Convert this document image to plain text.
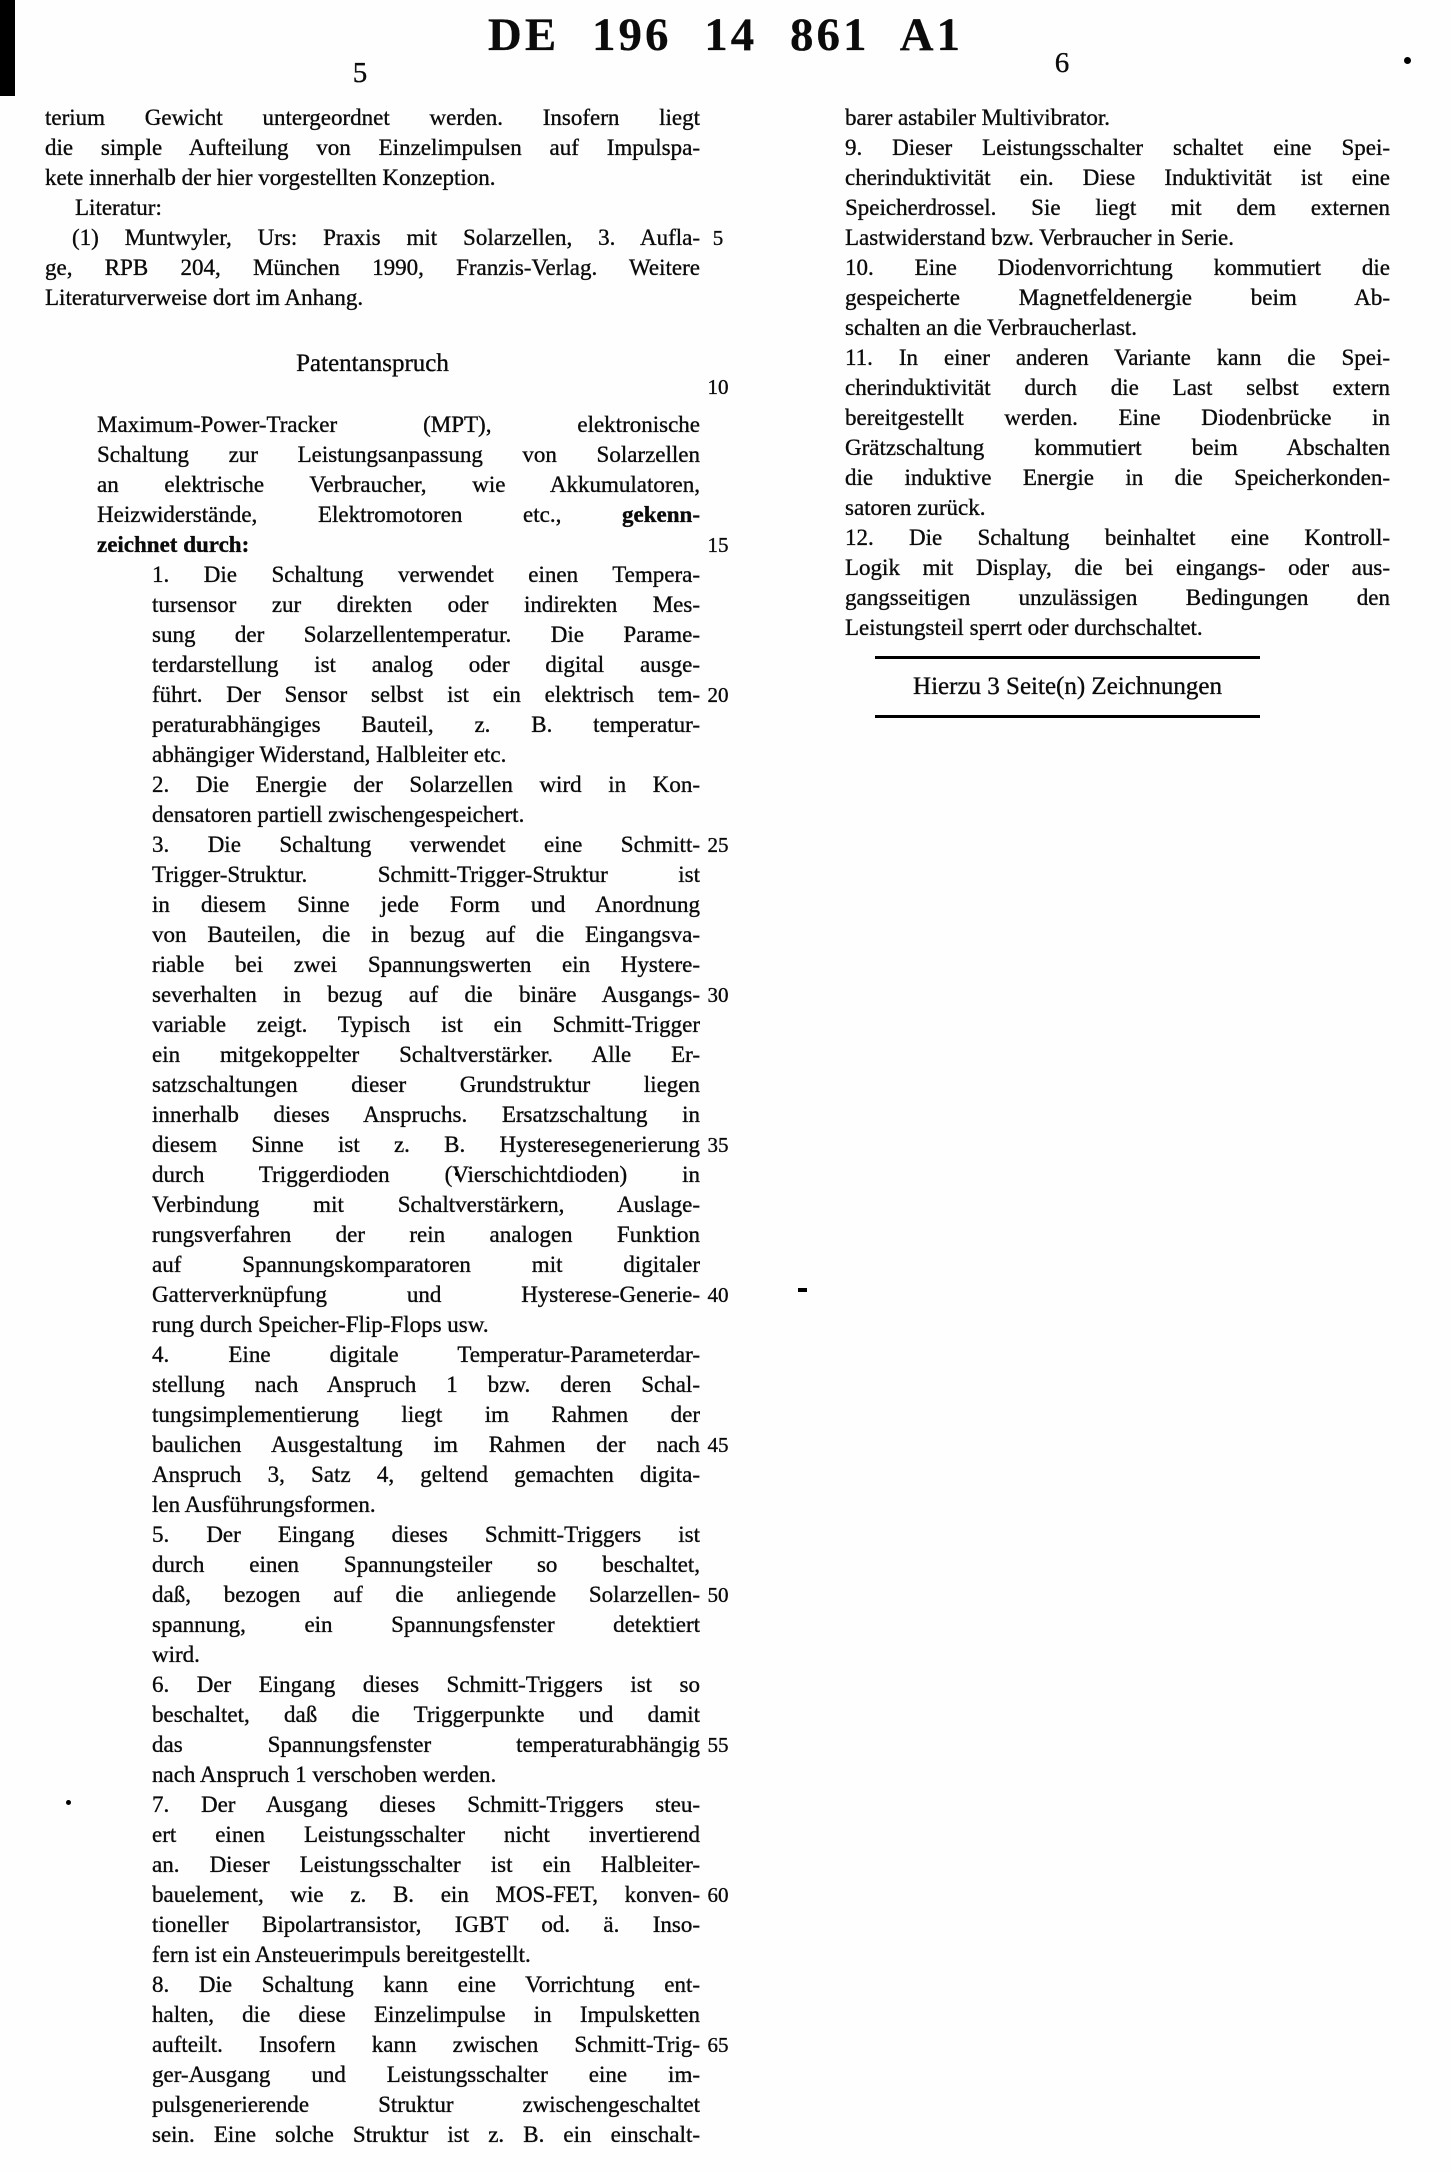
DE 196 14 861 A1
5	6
5
10
15
20
25
30
35
40
45
50
55
60
65
terium Gewicht untergeordnet werden. Insofern liegt
die simple Aufteilung von Einzelimpulsen auf Impulspa-
kete innerhalb der hier vorgestellten Konzeption.
Literatur:
(1) Muntwyler, Urs: Praxis mit Solarzellen, 3. Aufla-
ge, RPB 204, München 1990, Franzis-Verlag. Weitere
Literaturverweise dort im Anhang.
Patentanspruch
Maximum-Power-Tracker (MPT), elektronische
Schaltung zur Leistungsanpassung von Solarzellen
an elektrische Verbraucher, wie Akkumulatoren,
Heizwiderstände, Elektromotoren etc., gekenn-
zeichnet durch:
1. Die Schaltung verwendet einen Tempera-
tursensor zur direkten oder indirekten Mes-
sung der Solarzellentemperatur. Die Parame-
terdarstellung ist analog oder digital ausge-
führt. Der Sensor selbst ist ein elektrisch tem-
peraturabhängiges Bauteil, z. B. temperatur-
abhängiger Widerstand, Halbleiter etc.
2. Die Energie der Solarzellen wird in Kon-
densatoren partiell zwischengespeichert.
3. Die Schaltung verwendet eine Schmitt-
Trigger-Struktur. Schmitt-Trigger-Struktur ist
in diesem Sinne jede Form und Anordnung
von Bauteilen, die in bezug auf die Eingangsva-
riable bei zwei Spannungswerten ein Hystere-
severhalten in bezug auf die binäre Ausgangs-
variable zeigt. Typisch ist ein Schmitt-Trigger
ein mitgekoppelter Schaltverstärker. Alle Er-
satzschaltungen dieser Grundstruktur liegen
innerhalb dieses Anspruchs. Ersatzschaltung in
diesem Sinne ist z. B. Hysteresegenerierung
durch Triggerdioden (Vierschichtdioden) in
Verbindung mit Schaltverstärkern, Auslage-
rungsverfahren der rein analogen Funktion
auf Spannungskomparatoren mit digitaler
Gatterverknüpfung und Hysterese-Generie-
rung durch Speicher-Flip-Flops usw.
4. Eine digitale Temperatur-Parameterdar-
stellung nach Anspruch 1 bzw. deren Schal-
tungsimplementierung liegt im Rahmen der
baulichen Ausgestaltung im Rahmen der nach
Anspruch 3, Satz 4, geltend gemachten digita-
len Ausführungsformen.
5. Der Eingang dieses Schmitt-Triggers ist
durch einen Spannungsteiler so beschaltet,
daß, bezogen auf die anliegende Solarzellen-
spannung, ein Spannungsfenster detektiert
wird.
6. Der Eingang dieses Schmitt-Triggers ist so
beschaltet, daß die Triggerpunkte und damit
das Spannungsfenster temperaturabhängig
nach Anspruch 1 verschoben werden.
7. Der Ausgang dieses Schmitt-Triggers steu-
ert einen Leistungsschalter nicht invertierend
an. Dieser Leistungsschalter ist ein Halbleiter-
bauelement, wie z. B. ein MOS-FET, konven-
tioneller Bipolartransistor, IGBT od. ä. Inso-
fern ist ein Ansteuerimpuls bereitgestellt.
8. Die Schaltung kann eine Vorrichtung ent-
halten, die diese Einzelimpulse in Impulsketten
aufteilt. Insofern kann zwischen Schmitt-Trig-
ger-Ausgang und Leistungsschalter eine im-
pulsgenerierende Struktur zwischengeschaltet
sein. Eine solche Struktur ist z. B. ein einschalt-
barer astabiler Multivibrator.
9. Dieser Leistungsschalter schaltet eine Spei-
cherinduktivität ein. Diese Induktivität ist eine
Speicherdrossel. Sie liegt mit dem externen
Lastwiderstand bzw. Verbraucher in Serie.
10. Eine Diodenvorrichtung kommutiert die
gespeicherte Magnetfeldenergie beim Ab-
schalten an die Verbraucherlast.
11. In einer anderen Variante kann die Spei-
cherinduktivität durch die Last selbst extern
bereitgestellt werden. Eine Diodenbrücke in
Grätzschaltung kommutiert beim Abschalten
die induktive Energie in die Speicherkonden-
satoren zurück.
12. Die Schaltung beinhaltet eine Kontroll-
Logik mit Display, die bei eingangs- oder aus-
gangsseitigen unzulässigen Bedingungen den
Leistungsteil sperrt oder durchschaltet.
Hierzu 3 Seite(n) Zeichnungen
